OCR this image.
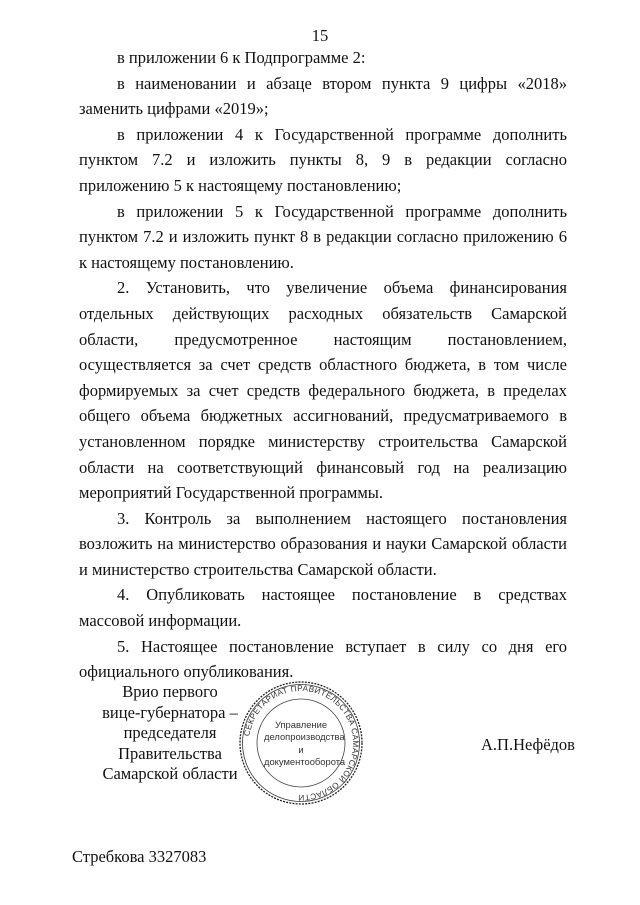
15

в приложении 6 к Подпрограмме 2:

в наименовании и абзаце втором пункта 9 цифры «2018» заменить цифрами «2019»;

в приложении 4 к Государственной программе дополнить пунктом 7.2 и изложить пункты 8, 9 в редакции согласно приложению 5 к настоящему постановлению;

в приложении 5 к Государственной программе дополнить пунктом 7.2 и изложить пункт 8 в редакции согласно приложению 6 к настоящему постановлению.

2. Установить, что увеличение объема финансирования отдельных действующих расходных обязательств Самарской области, предусмотренное настоящим постановлением, осуществляется за счет средств областного бюджета, в том числе формируемых за счет средств федерального бюджета, в пределах общего объема бюджетных ассигнований, предусматриваемого в установленном порядке министерству строительства Самарской области на соответствующий финансовый год на реализацию мероприятий Государственной программы.

3. Контроль за выполнением настоящего постановления возложить на министерство образования и науки Самарской области и министерство строительства Самарской области.

4. Опубликовать настоящее постановление в средствах массовой информации.

5. Настоящее постановление вступает в силу со дня его официального опубликования.

Врио первого
вице-губернатора –
председателя Правительства
Самарской области
СЕКРЕТАРИАТ ПРАВИТЕЛЬСТВА САМАРСКОЙ ОБЛАСТИ
Управление
делопроизводства
и документооборота
А.П.Нефёдов
Стребкова 3327083
